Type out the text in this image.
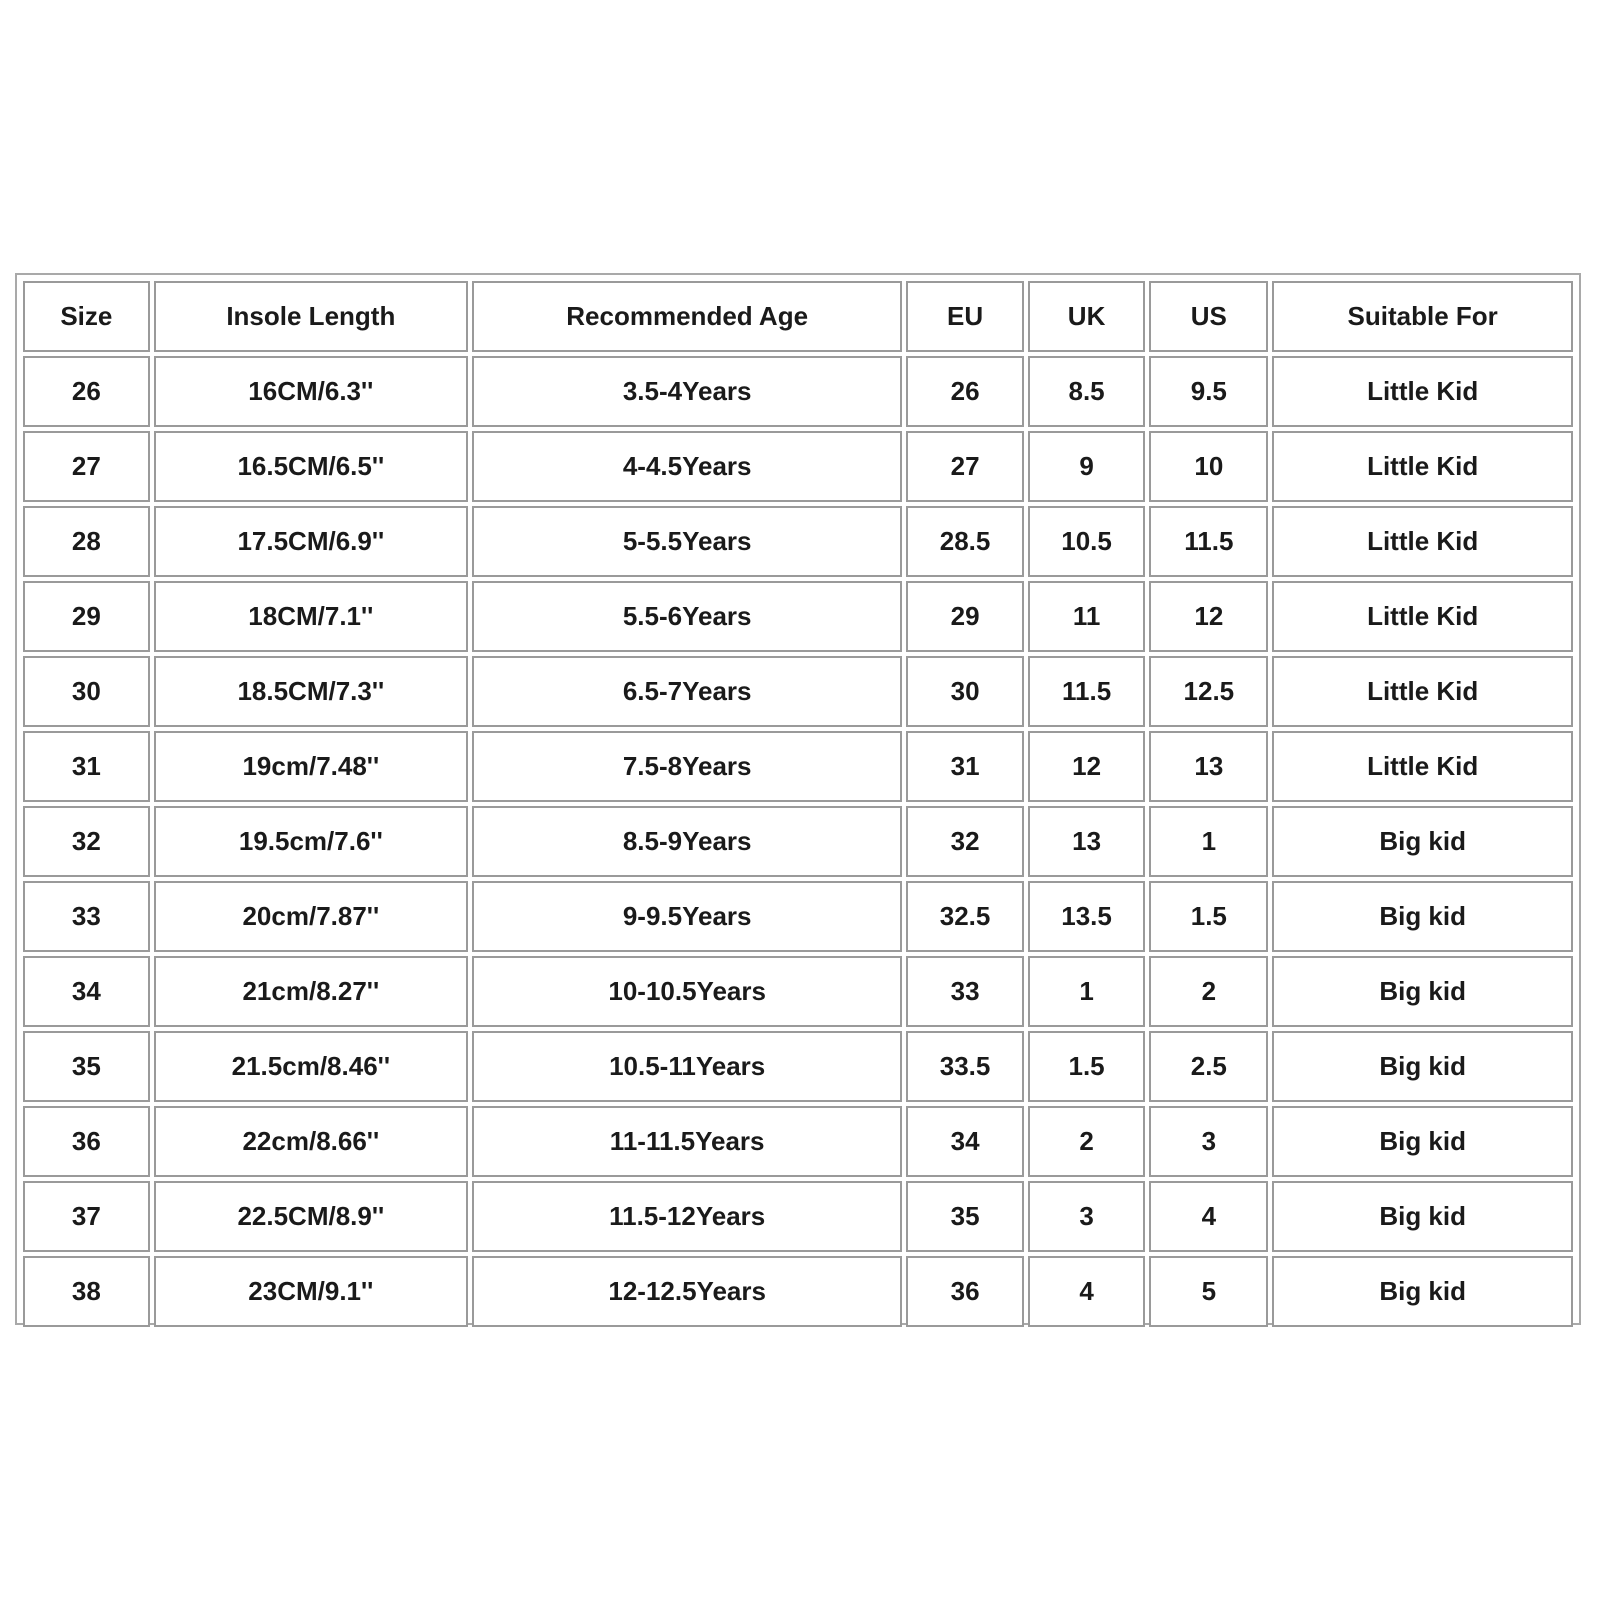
Size	Insole Length	Recommended Age	EU	UK	US	Suitable For
26	16CM/6.3''	3.5-4Years	26	8.5	9.5	Little Kid
27	16.5CM/6.5''	4-4.5Years	27	9	10	Little Kid
28	17.5CM/6.9''	5-5.5Years	28.5	10.5	11.5	Little Kid
29	18CM/7.1''	5.5-6Years	29	11	12	Little Kid
30	18.5CM/7.3''	6.5-7Years	30	11.5	12.5	Little Kid
31	19cm/7.48''	7.5-8Years	31	12	13	Little Kid
32	19.5cm/7.6''	8.5-9Years	32	13	1	Big kid
33	20cm/7.87''	9-9.5Years	32.5	13.5	1.5	Big kid
34	21cm/8.27''	10-10.5Years	33	1	2	Big kid
35	21.5cm/8.46''	10.5-11Years	33.5	1.5	2.5	Big kid
36	22cm/8.66''	11-11.5Years	34	2	3	Big kid
37	22.5CM/8.9''	11.5-12Years	35	3	4	Big kid
38	23CM/9.1''	12-12.5Years	36	4	5	Big kid
